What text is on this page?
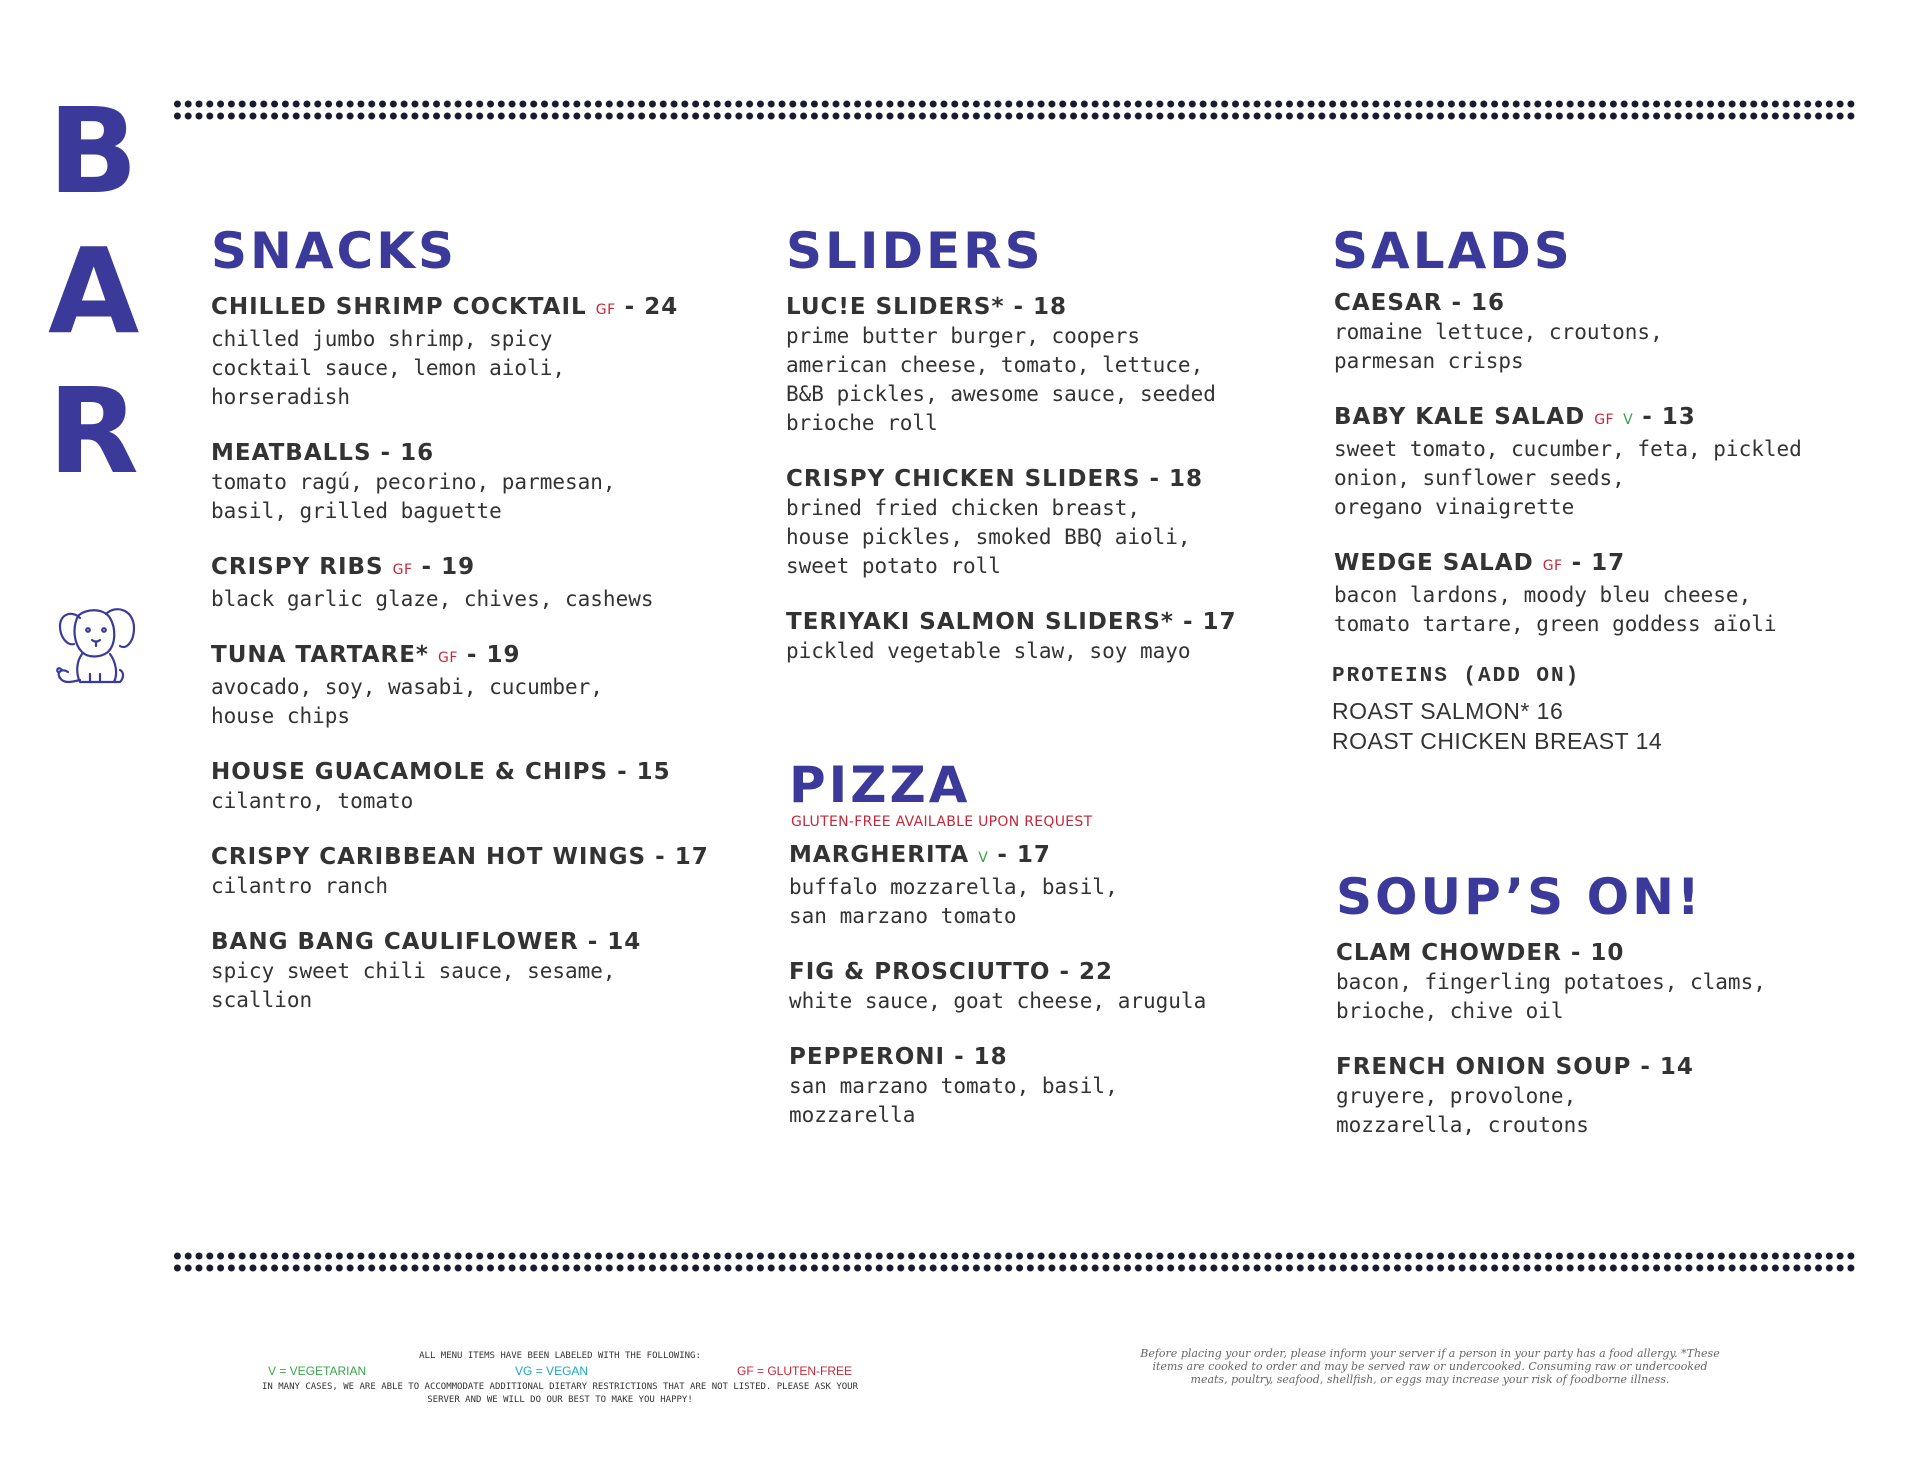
B
A
R
SNACKS
CHILLED SHRIMP COCKTAIL GF - 24
chilled jumbo shrimp, spicy
cocktail sauce, lemon aioli,
horseradish
MEATBALLS - 16
tomato ragú, pecorino, parmesan,
basil, grilled baguette
CRISPY RIBS GF - 19
black garlic glaze, chives, cashews
TUNA TARTARE* GF - 19
avocado, soy, wasabi, cucumber,
house chips
HOUSE GUACAMOLE & CHIPS - 15
cilantro, tomato
CRISPY CARIBBEAN HOT WINGS - 17
cilantro ranch
BANG BANG CAULIFLOWER - 14
spicy sweet chili sauce, sesame,
scallion
SLIDERS
LUC!E SLIDERS* - 18
prime butter burger, coopers
american cheese, tomato, lettuce,
B&B pickles, awesome sauce, seeded
brioche roll
CRISPY CHICKEN SLIDERS - 18
brined fried chicken breast,
house pickles, smoked BBQ aioli,
sweet potato roll
TERIYAKI SALMON SLIDERS* - 17
pickled vegetable slaw, soy mayo
PIZZA
GLUTEN-FREE AVAILABLE UPON REQUEST
MARGHERITA V - 17
buffalo mozzarella, basil,
san marzano tomato
FIG & PROSCIUTTO - 22
white sauce, goat cheese, arugula
PEPPERONI - 18
san marzano tomato, basil,
mozzarella
SALADS
CAESAR - 16
romaine lettuce, croutons,
parmesan crisps
BABY KALE SALAD GF V - 13
sweet tomato, cucumber, feta, pickled
onion, sunflower seeds,
oregano vinaigrette
WEDGE SALAD GF - 17
bacon lardons, moody bleu cheese,
tomato tartare, green goddess aïoli
PROTEINS (ADD ON)
ROAST SALMON* 16
ROAST CHICKEN BREAST 14
SOUP’S ON!
CLAM CHOWDER - 10
bacon, fingerling potatoes, clams,
brioche, chive oil
FRENCH ONION SOUP - 14
gruyere, provolone,
mozzarella, croutons
ALL MENU ITEMS HAVE BEEN LABELED WITH THE FOLLOWING:
V = VEGETARIAN	VG = VEGAN	GF = GLUTEN-FREE
IN MANY CASES, WE ARE ABLE TO ACCOMMODATE ADDITIONAL DIETARY RESTRICTIONS THAT ARE NOT LISTED. PLEASE ASK YOUR SERVER AND WE WILL DO OUR BEST TO MAKE YOU HAPPY!
Before placing your order, please inform your server if a person in your party has a food allergy. *These items are cooked to order and may be served raw or undercooked. Consuming raw or undercooked meats, poultry, seafood, shellfish, or eggs may increase your risk of foodborne illness.
